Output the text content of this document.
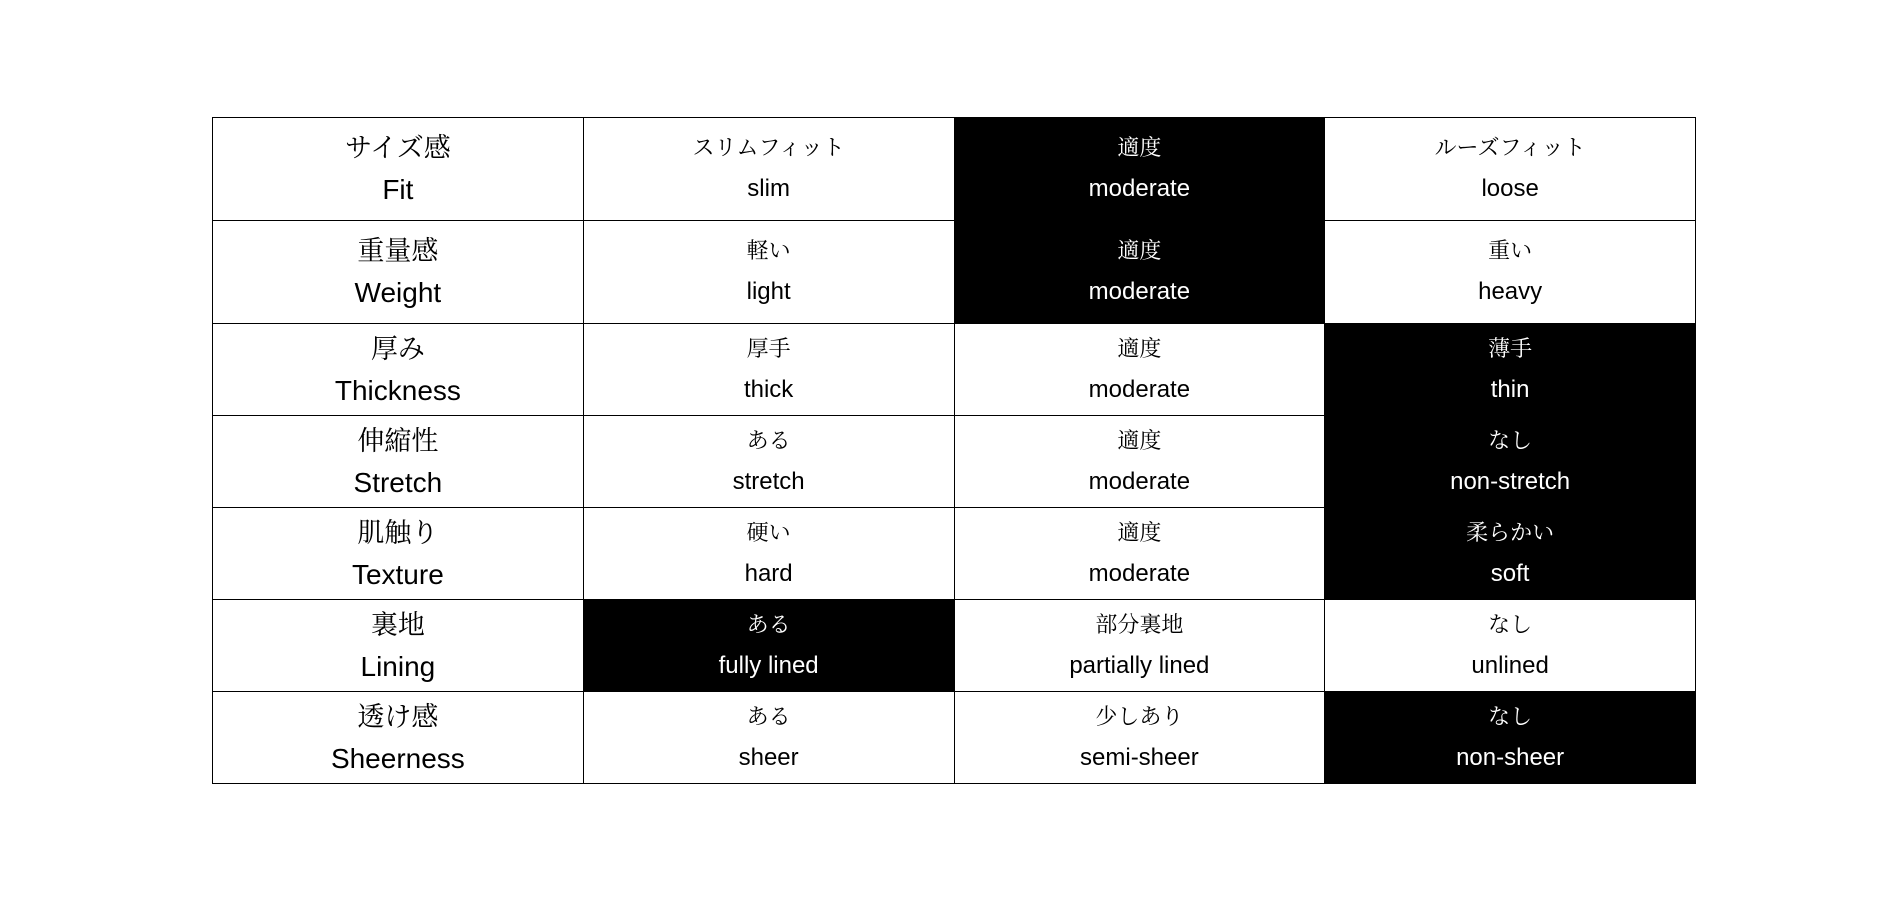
サイズ感
Fit	スリムフィット
slim	適度
moderate	ルーズフィット
loose

重量感
Weight	軽い
light	適度
moderate	重い
heavy

厚み
Thickness	厚手
thick	適度
moderate	薄手
thin

伸縮性
Stretch	ある
stretch	適度
moderate	なし
non-stretch

肌触り
Texture	硬い
hard	適度
moderate	柔らかい
soft

裏地
Lining	ある
fully lined	部分裏地
partially lined	なし
unlined

透け感
Sheerness	ある
sheer	少しあり
semi-sheer	なし
non-sheer
